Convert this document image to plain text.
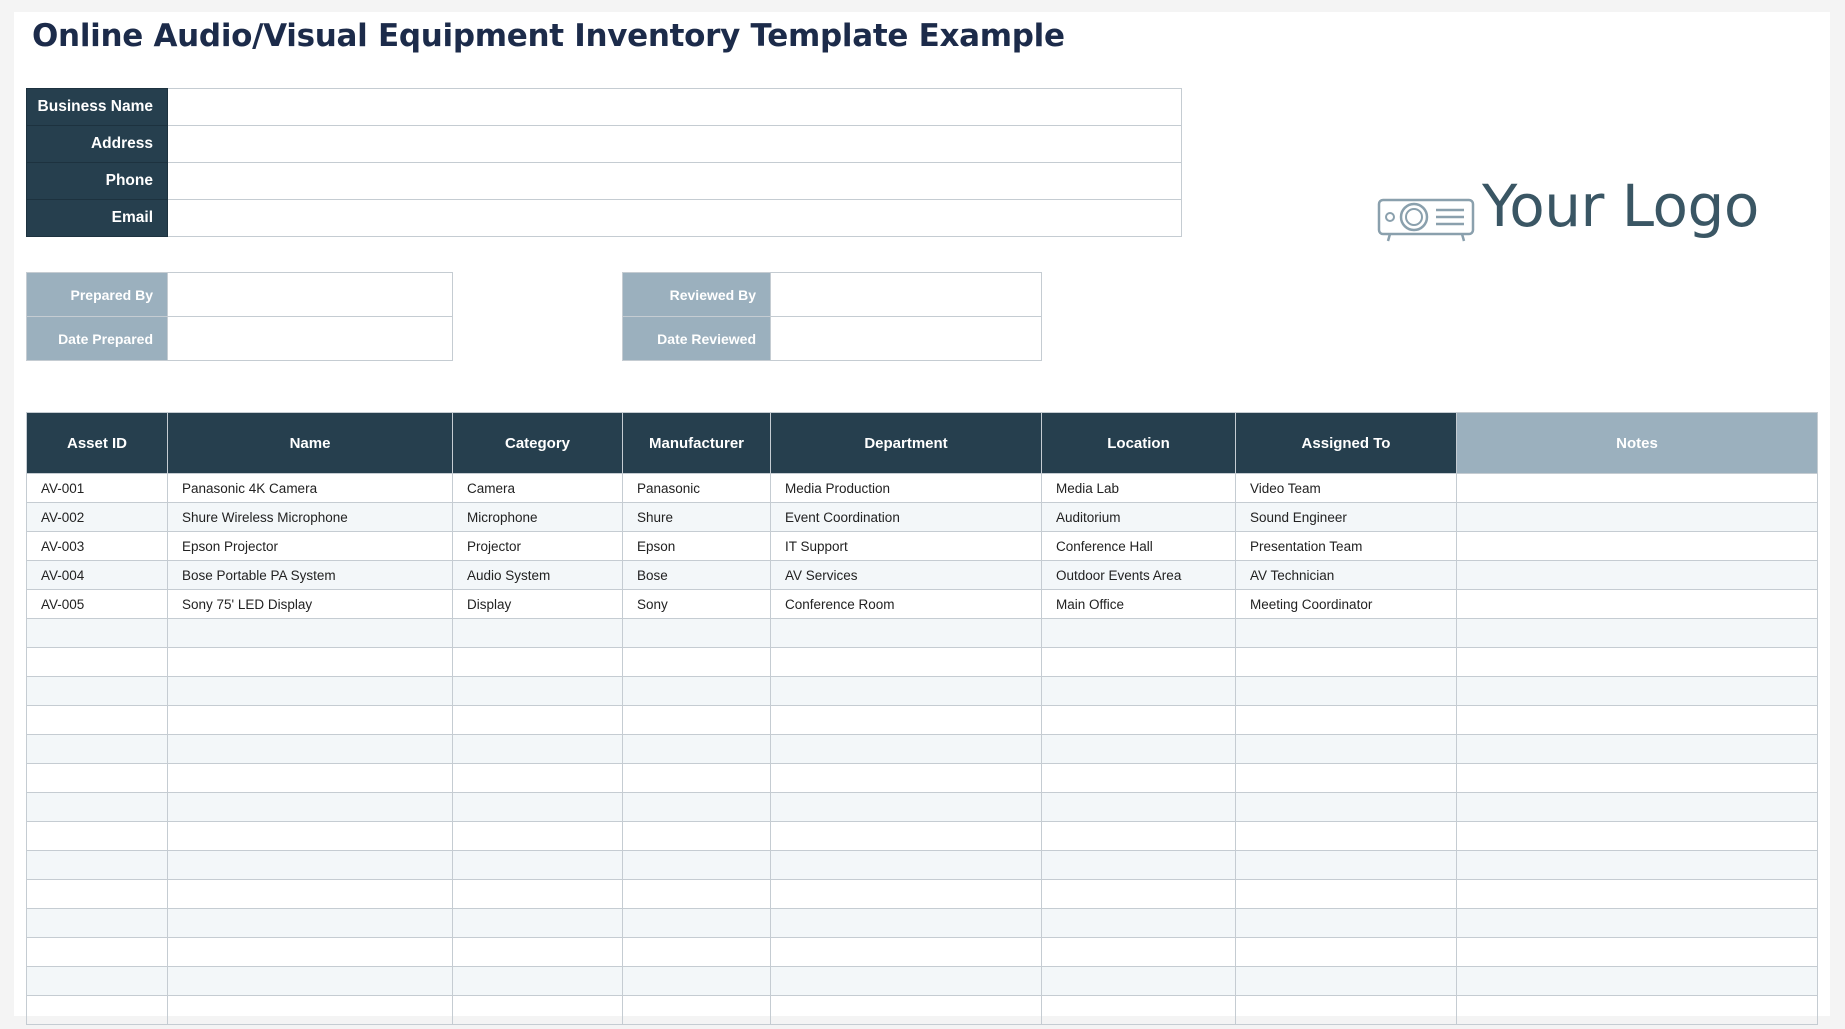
Online Audio/Visual Equipment Inventory Template Example
Business Name	
Address	
Phone	
Email	
Prepared By	
Date Prepared	
Reviewed By	
Date Reviewed	
Your Logo
Asset ID	Name	Category	Manufacturer	Department	Location	Assigned To	Notes
AV-001	Panasonic 4K Camera	Camera	Panasonic	Media Production	Media Lab	Video Team	
AV-002	Shure Wireless Microphone	Microphone	Shure	Event Coordination	Auditorium	Sound Engineer	
AV-003	Epson Projector	Projector	Epson	IT Support	Conference Hall	Presentation Team	
AV-004	Bose Portable PA System	Audio System	Bose	AV Services	Outdoor Events Area	AV Technician	
AV-005	Sony 75' LED Display	Display	Sony	Conference Room	Main Office	Meeting Coordinator	
